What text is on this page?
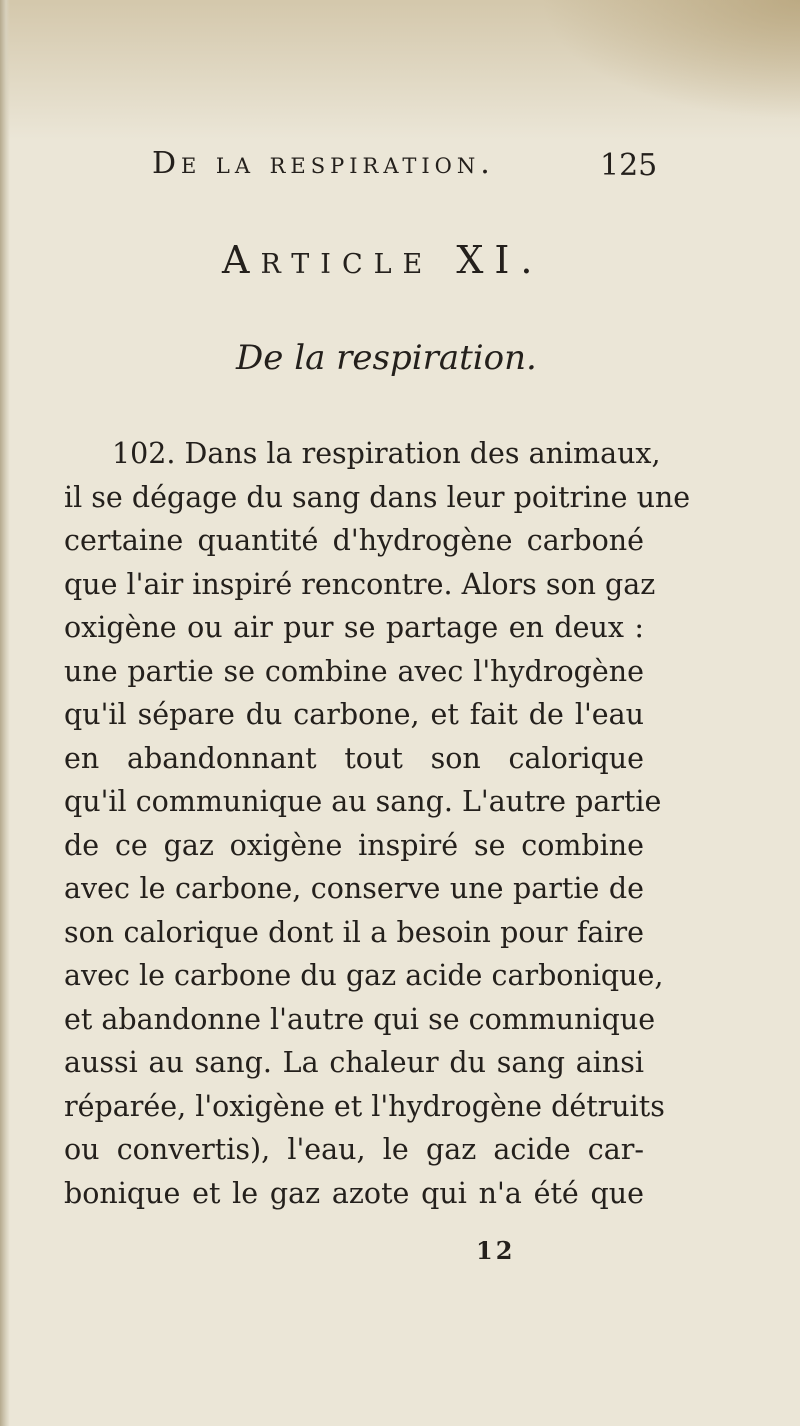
De la respiration.	125
Article XI.
De la respiration.
102. Dans la respiration des animaux,
il se dégage du sang dans leur poitrine une
certaine quantité d'hydrogène carboné
que l'air inspiré rencontre. Alors son gaz
oxigène ou air pur se partage en deux :
une partie se combine avec l'hydrogène
qu'il sépare du carbone, et fait de l'eau
en abandonnant tout son calorique
qu'il communique au sang. L'autre partie
de ce gaz oxigène inspiré se combine
avec le carbone, conserve une partie de
son calorique dont il a besoin pour faire
avec le carbone du gaz acide carbonique,
et abandonne l'autre qui se communique
aussi au sang. La chaleur du sang ainsi
réparée, l'oxigène et l'hydrogène détruits
ou convertis), l'eau, le gaz acide car-
bonique et le gaz azote qui n'a été que
12
